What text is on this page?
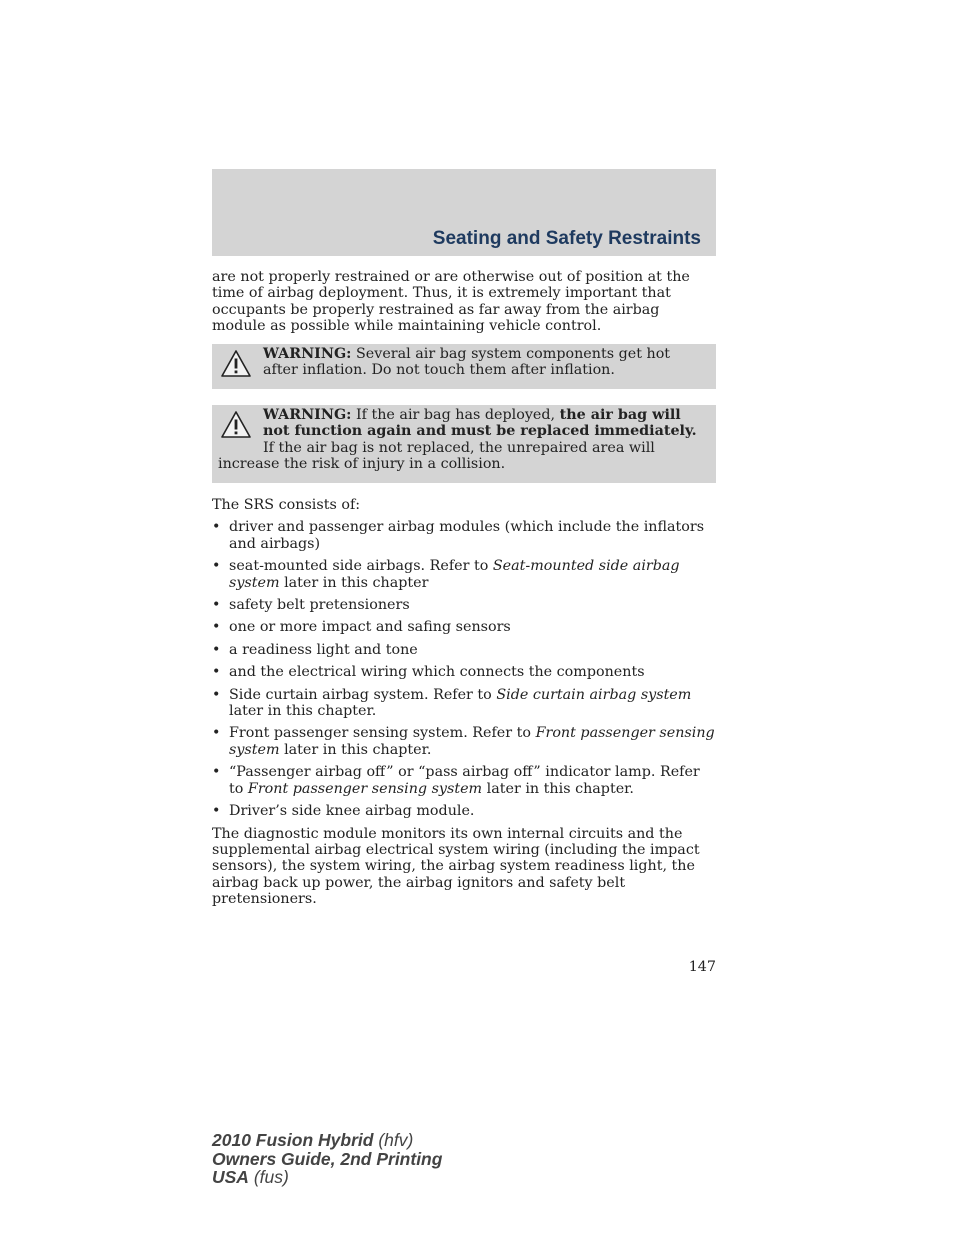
Seating and Safety Restraints

are not properly restrained or are otherwise out of position at the time of airbag deployment. Thus, it is extremely important that occupants be properly restrained as far away from the airbag module as possible while maintaining vehicle control.

WARNING: Several air bag system components get hot after inflation. Do not touch them after inflation.

WARNING: If the air bag has deployed, the air bag will not function again and must be replaced immediately. If the air bag is not replaced, the unrepaired area will increase the risk of injury in a collision.

The SRS consists of:

• driver and passenger airbag modules (which include the inflators and airbags)
• seat-mounted side airbags. Refer to Seat-mounted side airbag system later in this chapter
• safety belt pretensioners
• one or more impact and safing sensors
• a readiness light and tone
• and the electrical wiring which connects the components
• Side curtain airbag system. Refer to Side curtain airbag system later in this chapter.
• Front passenger sensing system. Refer to Front passenger sensing system later in this chapter.
• “Passenger airbag off” or “pass airbag off” indicator lamp. Refer to Front passenger sensing system later in this chapter.
• Driver’s side knee airbag module.

The diagnostic module monitors its own internal circuits and the supplemental airbag electrical system wiring (including the impact sensors), the system wiring, the airbag system readiness light, the airbag back up power, the airbag ignitors and safety belt pretensioners.

147
2010 Fusion Hybrid (hfv)
Owners Guide, 2nd Printing
USA (fus)
